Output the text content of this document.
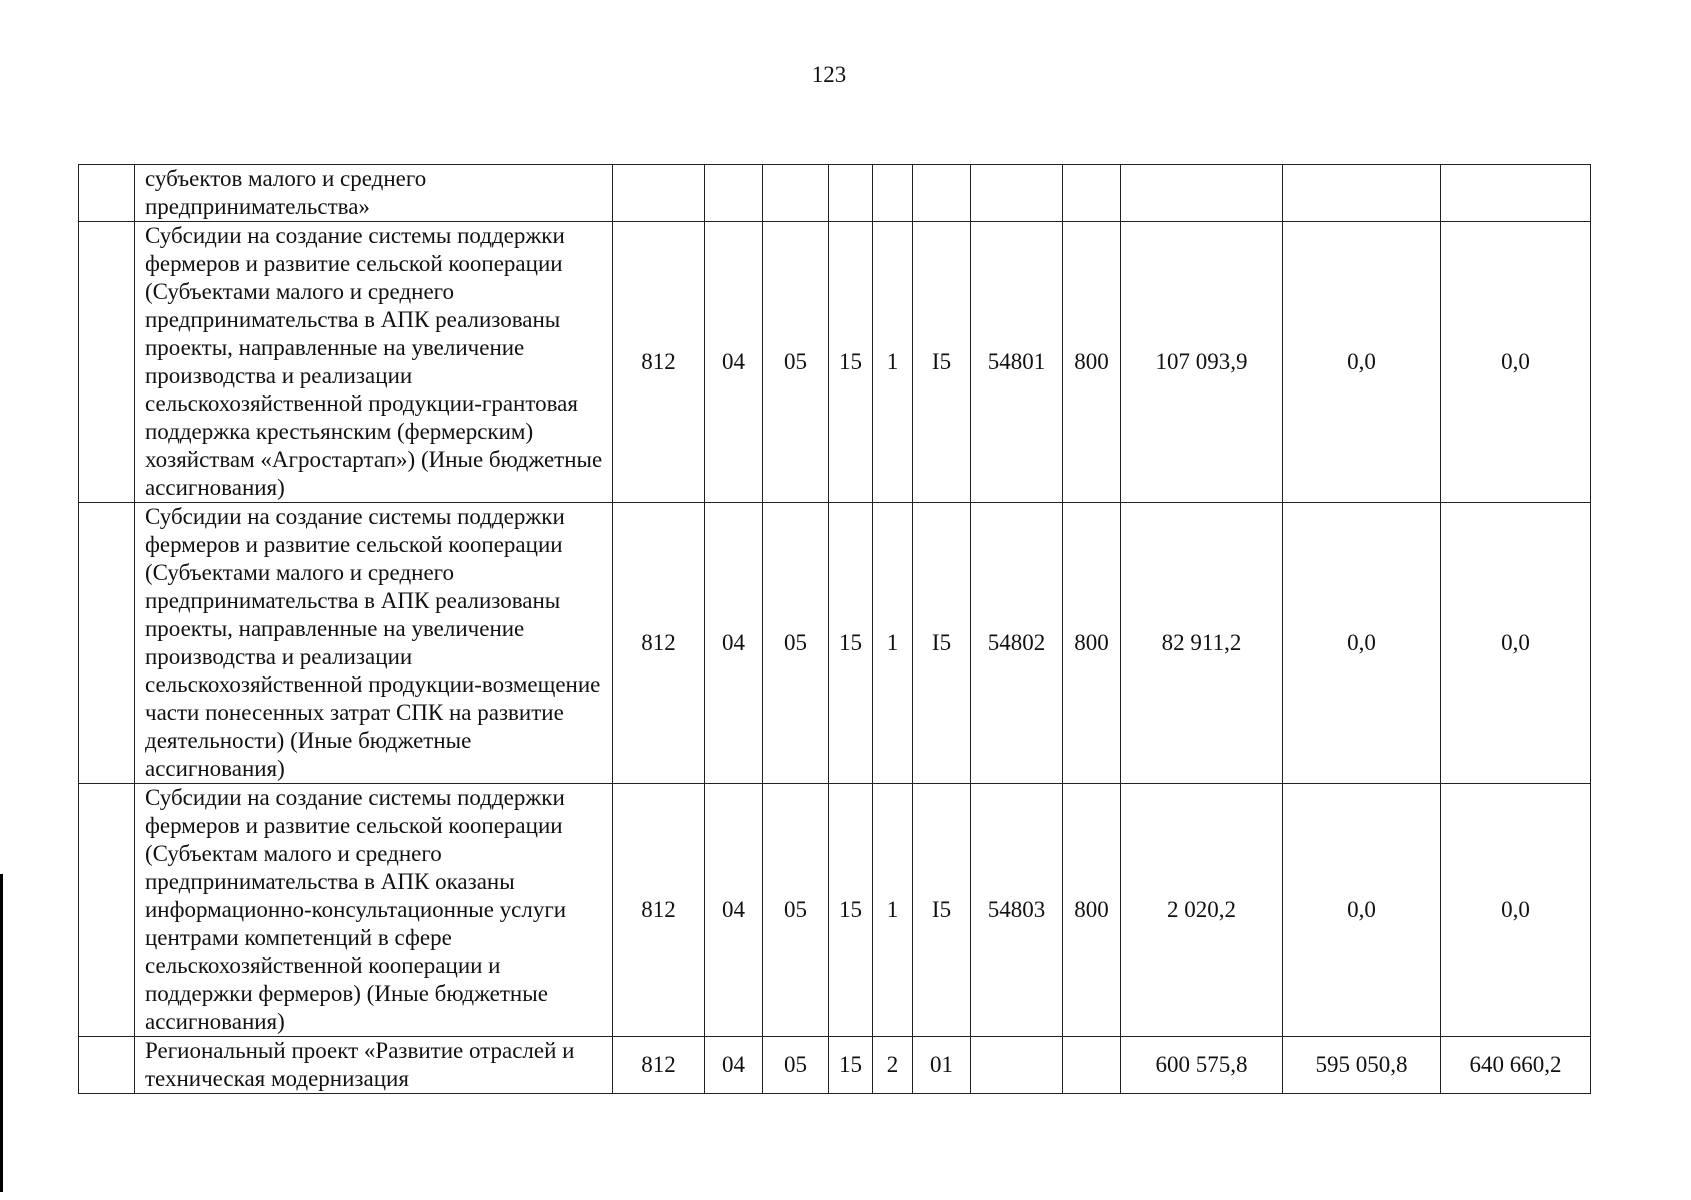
123
	субъектов малого и среднего предпринимательства»											
	Субсидии на создание системы поддержки фермеров и развитие сельской кооперации (Субъектами малого и среднего предпринимательства в АПК реализованы проекты, направленные на увеличение производства и реализации сельскохозяйственной продукции-грантовая поддержка крестьянским (фермерским) хозяйствам «Агростартап») (Иные бюджетные ассигнования)	812	04	05	15	1	I5	54801	800	107 093,9	0,0	0,0
	Субсидии на создание системы поддержки фермеров и развитие сельской кооперации (Субъектами малого и среднего предпринимательства в АПК реализованы проекты, направленные на увеличение производства и реализации сельскохозяйственной продукции-возмещение части понесенных затрат СПК на развитие деятельности) (Иные бюджетные ассигнования)	812	04	05	15	1	I5	54802	800	82 911,2	0,0	0,0
	Субсидии на создание системы поддержки фермеров и развитие сельской кооперации (Субъектам малого и среднего предпринимательства в АПК оказаны информационно-консультационные услуги центрами компетенций в сфере сельскохозяйственной кооперации и поддержки фермеров) (Иные бюджетные ассигнования)	812	04	05	15	1	I5	54803	800	2 020,2	0,0	0,0
	Региональный проект «Развитие отраслей и техническая модернизация	812	04	05	15	2	01			600 575,8	595 050,8	640 660,2
